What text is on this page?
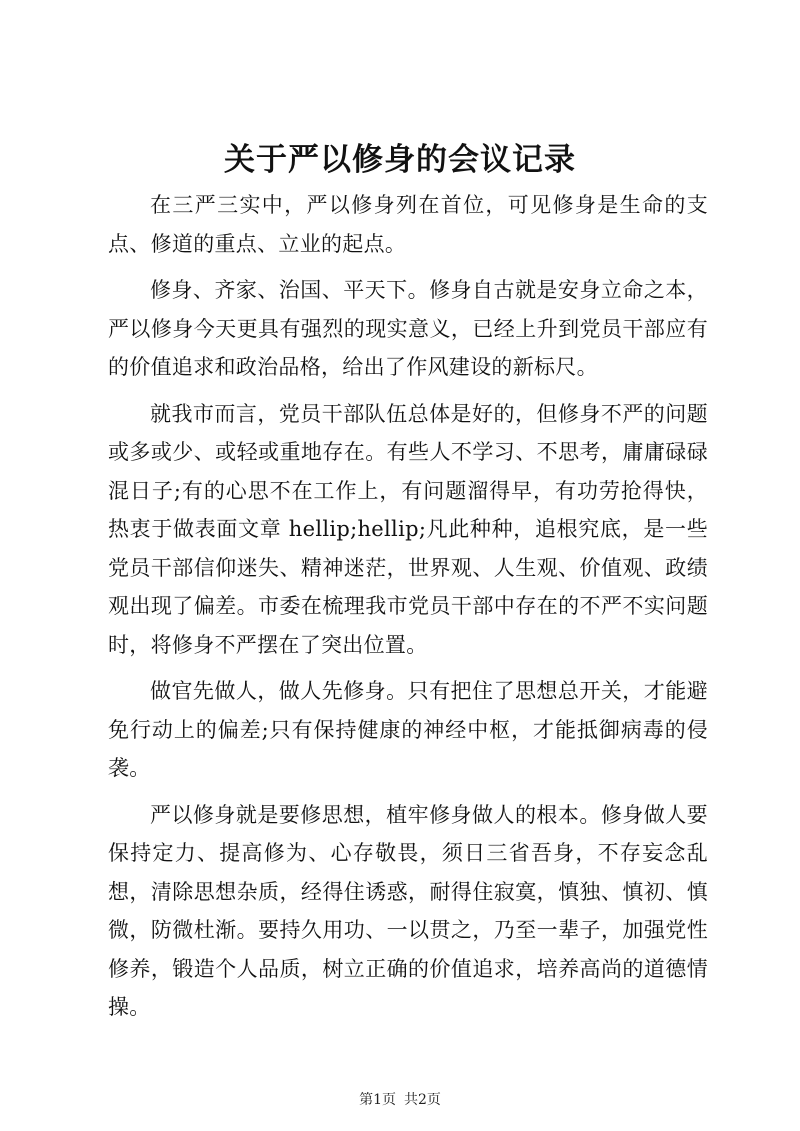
关于严以修身的会议记录

在三严三实中，严以修身列在首位，可见修身是生命的支点、修道的重点、立业的起点。

修身、齐家、治国、平天下。修身自古就是安身立命之本，严以修身今天更具有强烈的现实意义，已经上升到党员干部应有的价值追求和政治品格，给出了作风建设的新标尺。

就我市而言，党员干部队伍总体是好的，但修身不严的问题或多或少、或轻或重地存在。有些人不学习、不思考，庸庸碌碌混日子;有的心思不在工作上，有问题溜得早，有功劳抢得快，热衷于做表面文章 hellip;hellip;凡此种种，追根究底，是一些党员干部信仰迷失、精神迷茫，世界观、人生观、价值观、政绩观出现了偏差。市委在梳理我市党员干部中存在的不严不实问题时，将修身不严摆在了突出位置。

做官先做人，做人先修身。只有把住了思想总开关，才能避免行动上的偏差;只有保持健康的神经中枢，才能抵御病毒的侵袭。

严以修身就是要修思想，植牢修身做人的根本。修身做人要保持定力、提高修为、心存敬畏，须日三省吾身，不存妄念乱想，清除思想杂质，经得住诱惑，耐得住寂寞，慎独、慎初、慎微，防微杜渐。要持久用功、一以贯之，乃至一辈子，加强党性修养，锻造个人品质，树立正确的价值追求，培养高尚的道德情操。

第1页 共2页
